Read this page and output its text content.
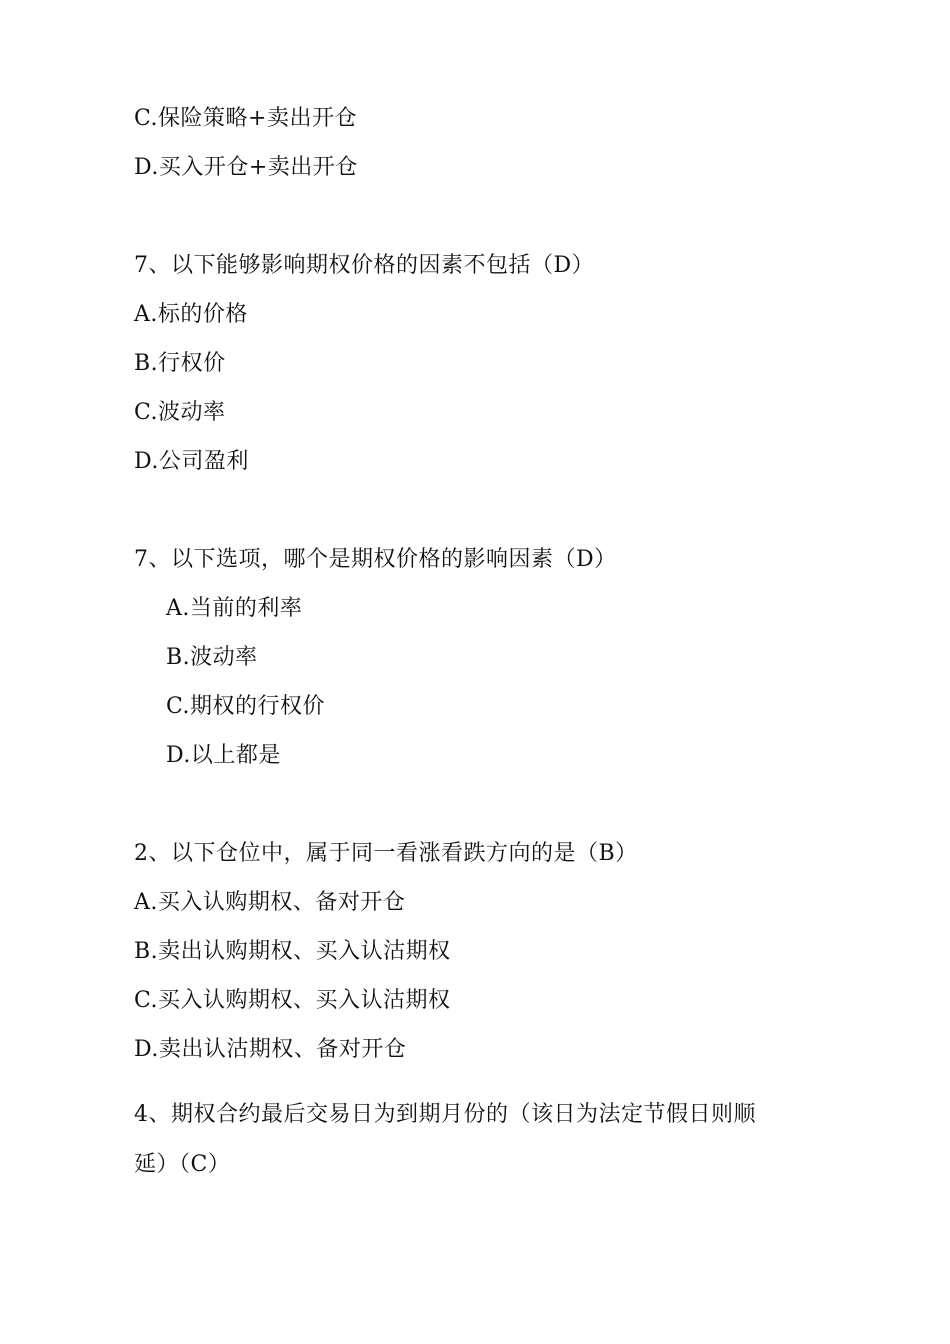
C.保险策略+卖出开仓
D.买入开仓+卖出开仓
7、以下能够影响期权价格的因素不包括（D）
A.标的价格
B.行权价
C.波动率
D.公司盈利
7、以下选项，哪个是期权价格的影响因素（D）
A.当前的利率
B.波动率
C.期权的行权价
D.以上都是
2、以下仓位中，属于同一看涨看跌方向的是（B）
A.买入认购期权、备对开仓
B.卖出认购期权、买入认沽期权
C.买入认购期权、买入认沽期权
D.卖出认沽期权、备对开仓
4、期权合约最后交易日为到期月份的（该日为法定节假日则顺
延）（C）
